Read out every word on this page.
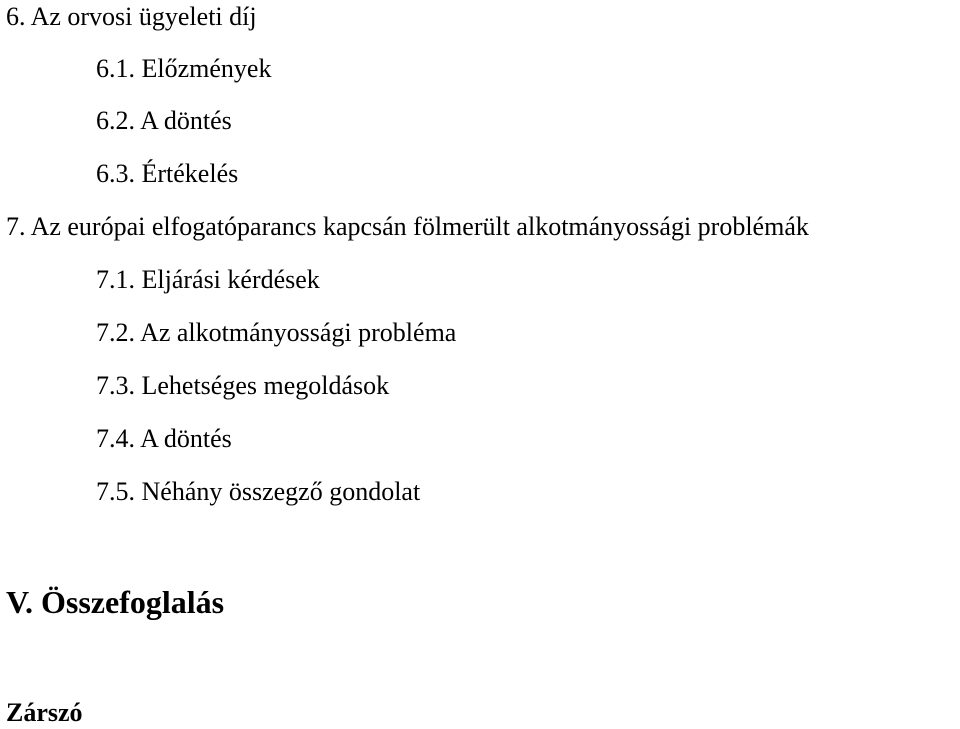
6. Az orvosi ügyeleti díj

6.1. Előzmények

6.2. A döntés

6.3. Értékelés

7. Az európai elfogatóparancs kapcsán fölmerült alkotmányossági problémák

7.1. Eljárási kérdések

7.2. Az alkotmányossági probléma

7.3. Lehetséges megoldások

7.4. A döntés

7.5. Néhány összegző gondolat

V. Összefoglalás
Zárszó
